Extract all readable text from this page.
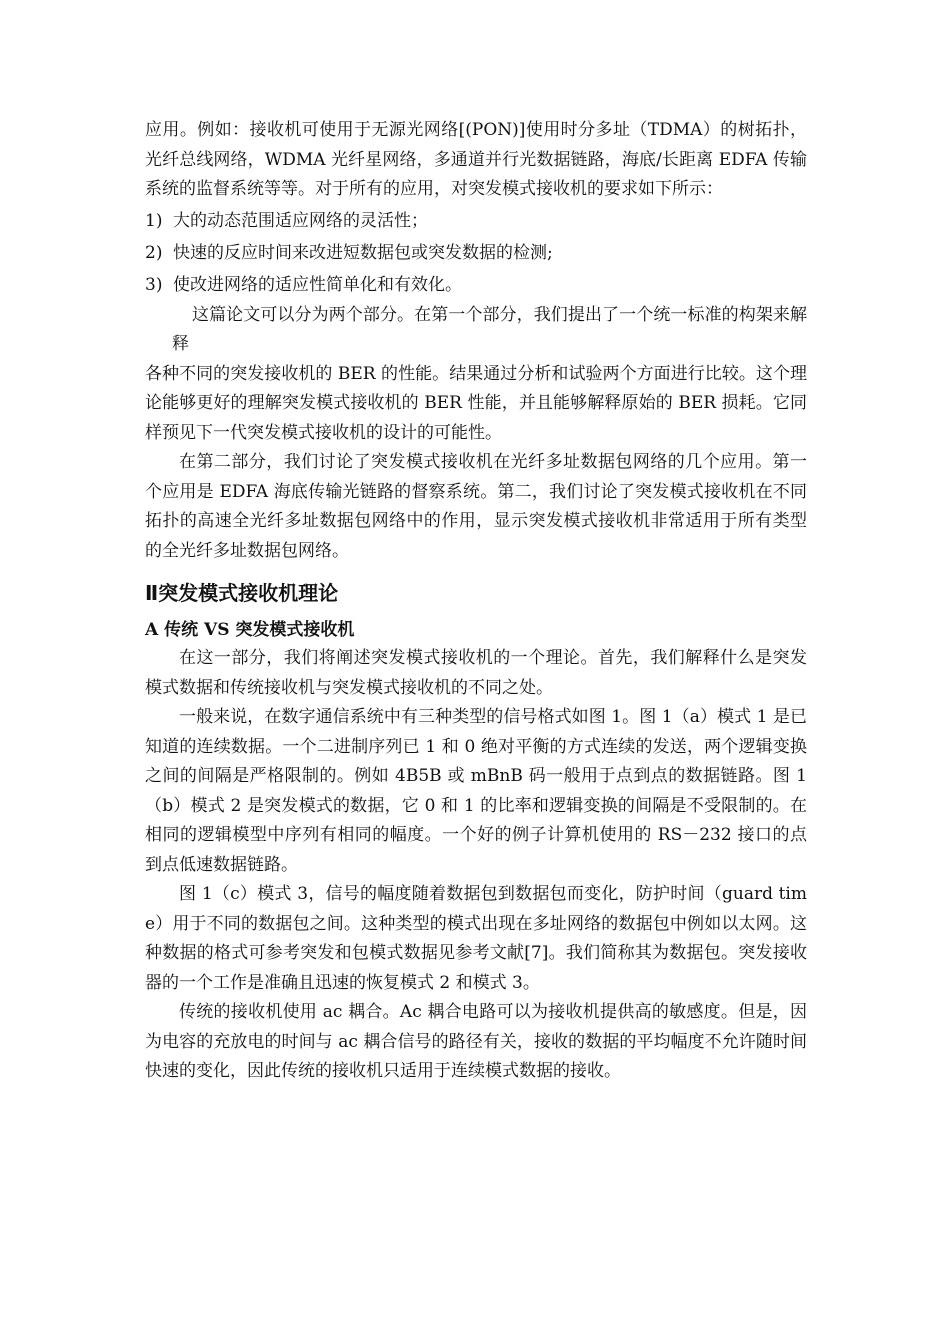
应用。例如：接收机可使用于无源光网络[(PON)]使用时分多址（TDMA）的树拓扑，光纤总线网络，WDMA 光纤星网络，多通道并行光数据链路，海底/长距离 EDFA 传输系统的监督系统等等。对于所有的应用，对突发模式接收机的要求如下所示：

1) 大的动态范围适应网络的灵活性；
2) 快速的反应时间来改进短数据包或突发数据的检测;
3) 使改进网络的适应性简单化和有效化。

这篇论文可以分为两个部分。在第一个部分，我们提出了一个统一标准的构架来解释

各种不同的突发接收机的 BER 的性能。结果通过分析和试验两个方面进行比较。这个理论能够更好的理解突发模式接收机的 BER 性能，并且能够解释原始的 BER 损耗。它同样预见下一代突发模式接收机的设计的可能性。

在第二部分，我们讨论了突发模式接收机在光纤多址数据包网络的几个应用。第一个应用是 EDFA 海底传输光链路的督察系统。第二，我们讨论了突发模式接收机在不同拓扑的高速全光纤多址数据包网络中的作用，显示突发模式接收机非常适用于所有类型的全光纤多址数据包网络。

Ⅱ突发模式接收机理论
A 传统 VS 突发模式接收机

在这一部分，我们将阐述突发模式接收机的一个理论。首先，我们解释什么是突发模式数据和传统接收机与突发模式接收机的不同之处。

一般来说，在数字通信系统中有三种类型的信号格式如图 1。图 1（a）模式 1 是已知道的连续数据。一个二进制序列已 1 和 0 绝对平衡的方式连续的发送，两个逻辑变换之间的间隔是严格限制的。例如 4B5B 或 mBnB 码一般用于点到点的数据链路。图 1（b）模式 2 是突发模式的数据，它 0 和 1 的比率和逻辑变换的间隔是不受限制的。在相同的逻辑模型中序列有相同的幅度。一个好的例子计算机使用的 RS－232 接口的点到点低速数据链路。

图 1（c）模式 3，信号的幅度随着数据包到数据包而变化，防护时间（guard time）用于不同的数据包之间。这种类型的模式出现在多址网络的数据包中例如以太网。这种数据的格式可参考突发和包模式数据见参考文献[7]。我们简称其为数据包。突发接收器的一个工作是准确且迅速的恢复模式 2 和模式 3。

传统的接收机使用 ac 耦合。Ac 耦合电路可以为接收机提供高的敏感度。但是，因为电容的充放电的时间与 ac 耦合信号的路径有关，接收的数据的平均幅度不允许随时间快速的变化，因此传统的接收机只适用于连续模式数据的接收。
